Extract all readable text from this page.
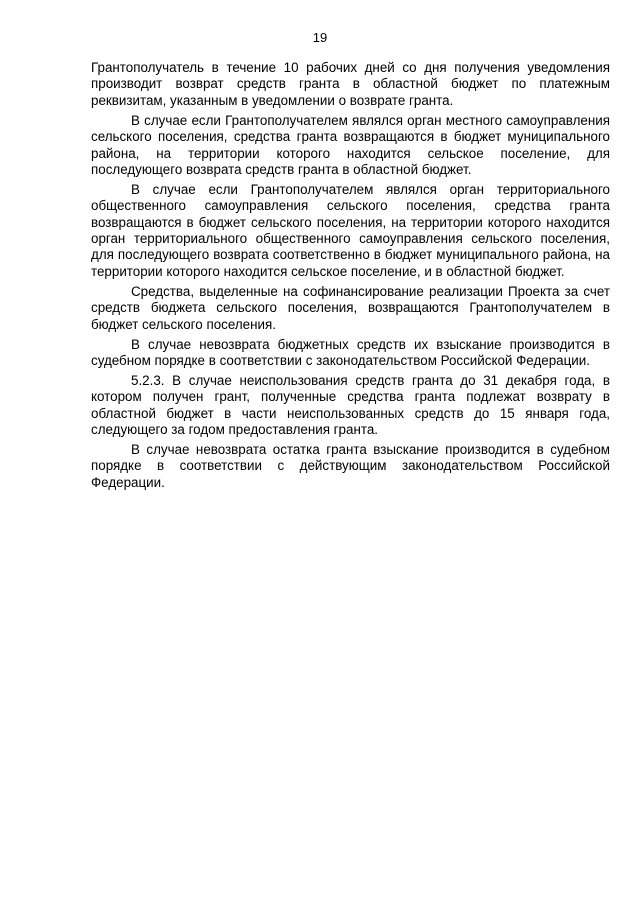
19

Грантополучатель в течение 10 рабочих дней со дня получения уведомления производит возврат средств гранта в областной бюджет по платежным реквизитам, указанным в уведомлении о возврате гранта.

В случае если Грантополучателем являлся орган местного самоуправления сельского поселения, средства гранта возвращаются в бюджет муниципального района, на территории которого находится сельское поселение, для последующего возврата средств гранта в областной бюджет.

В случае если Грантополучателем являлся орган территориального общественного самоуправления сельского поселения, средства гранта возвращаются в бюджет сельского поселения, на территории которого находится орган территориального общественного самоуправления сельского поселения, для последующего возврата соответственно в бюджет муниципального района, на территории которого находится сельское поселение, и в областной бюджет.

Средства, выделенные на софинансирование реализации Проекта за счет средств бюджета сельского поселения, возвращаются Грантополучателем в бюджет сельского поселения.

В случае невозврата бюджетных средств их взыскание производится в судебном порядке в соответствии с законодательством Российской Федерации.

5.2.3. В случае неиспользования средств гранта до 31 декабря года, в котором получен грант, полученные средства гранта подлежат возврату в областной бюджет в части неиспользованных средств до 15 января года, следующего за годом предоставления гранта.

В случае невозврата остатка гранта взыскание производится в судебном порядке в соответствии с действующим законодательством Российской Федерации.
